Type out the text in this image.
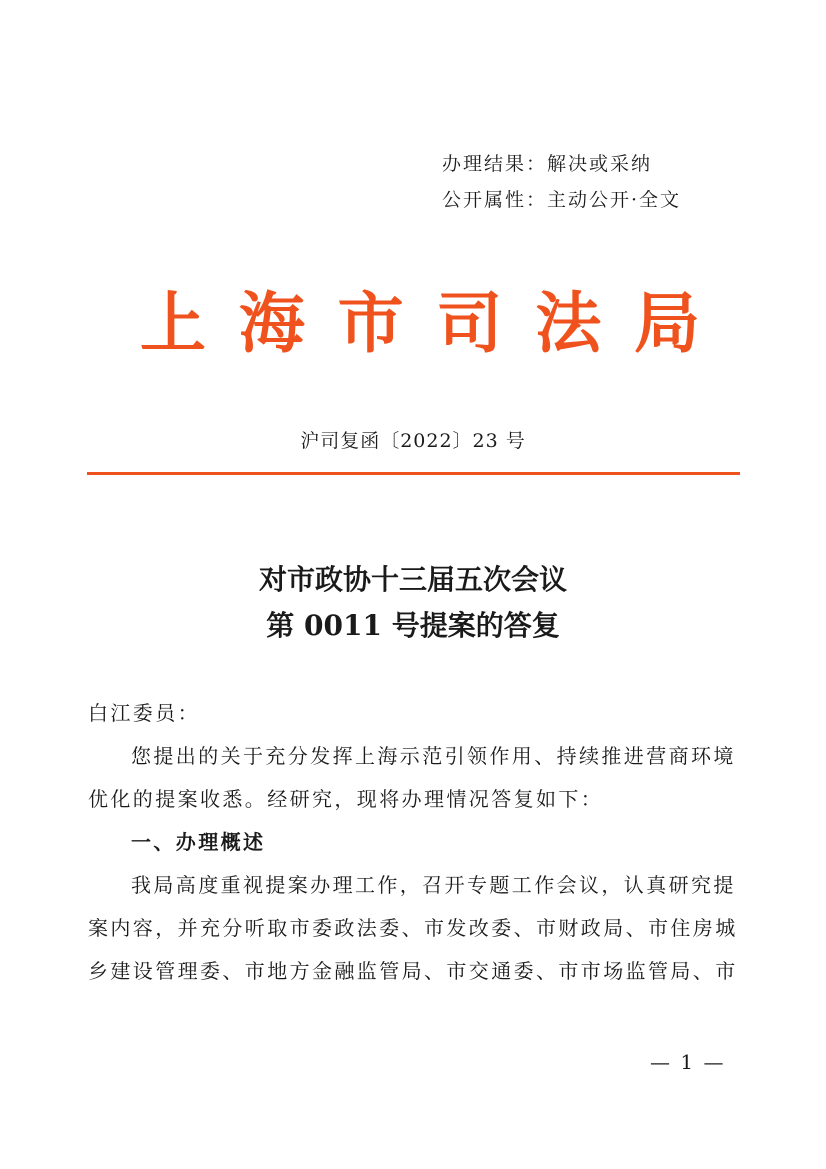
办理结果：解决或采纳
公开属性：主动公开·全文
上 海 市 司 法 局
沪司复函〔2022〕23 号
对市政协十三届五次会议
第 0011 号提案的答复
白江委员：
您提出的关于充分发挥上海示范引领作用、持续推进营商环境
优化的提案收悉。经研究，现将办理情况答复如下：
一、办理概述
我局高度重视提案办理工作，召开专题工作会议，认真研究提
案内容，并充分听取市委政法委、市发改委、市财政局、市住房城
乡建设管理委、市地方金融监管局、市交通委、市市场监管局、市
— 1 —
